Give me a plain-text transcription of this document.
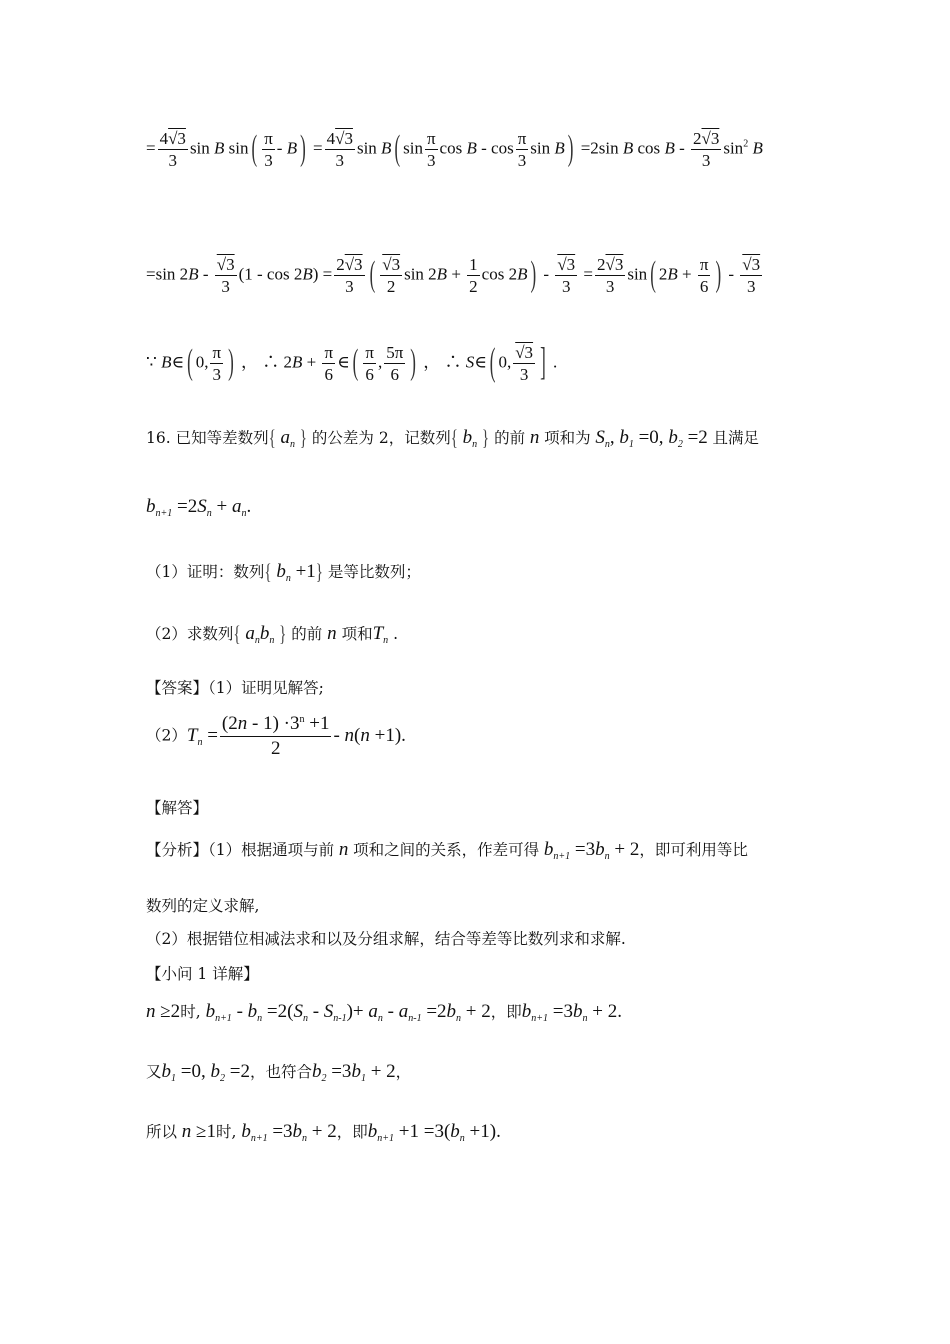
= $\frac{4√3}{3}$ sin B sin ( $\frac{\pi}{3}$ - B ) = $\frac{4√3}{3}$ sin B ( $\sin \frac{\pi}{3}$ cos B - $\cos \frac{\pi}{3}$ sin B ) =2sin B cos B - $\frac{2√3}{3} \sin^2 B$
=sin $2B - \frac{√3}{3} (1 - \cos 2B) = \frac{2√3}{3}$ ( $\frac{√3}{2}$ $\sin 2B + \frac{1}{2}$ cos 2B ) - $\frac{√3}{3} = \frac{2√3}{3}$ sin ( $2B + \frac{\pi}{6}$ ) - $\frac{√3}{3}$
∵ B∈ ( 0, $\frac{\pi}{3}$ ) ， ∴ $2B + \frac{\pi}{6}$ ∈ ( $\frac{\pi}{6}$ , $\frac{5\pi}{6}$ ) ， ∴ S∈ ( 0, $\frac{√3}{3}$ ] .
16. 已知等差数列{ $a_n$ } 的公差为 2，记数列{ $b_n$ } 的前 n 项和为 $S_n$, $b_1 =0$, $b_2 =2$ 且满足
$b_{n+1} =2S_n + a_n$.
（1）证明：数列{ $b_n +1$} 是等比数列；
（2）求数列{ $a_nb_n$ } 的前 n 项和$T_n$ .
【答案】（1）证明见解答;
$(2)T_n = \frac{(2n - 1) \cdot 3^n +1}{2} - n(n +1)$.
【解答】
【分析】（1）根据通项与前 n 项和之间的关系，作差可得 $b_{n+1} =3b_n + 2$，即可利用等比
数列的定义求解,
（2）根据错位相减法求和以及分组求解，结合等差等比数列求和求解.
【小问 1 详解】
n ≥2时, $b_{n+1} - b_n =2(S_n - S_{n-1})+ a_n - a_{n-1} =2b_n + 2$，即$b_{n+1} =3b_n + 2$.
又$b_1 =0$, $b_2 =2$，也符合$b_2 =3b_1 + 2$，
所以 n ≥1时, $b_{n+1} =3b_n + 2$，即$b_{n+1} +1 =3(b_n +1)$.
